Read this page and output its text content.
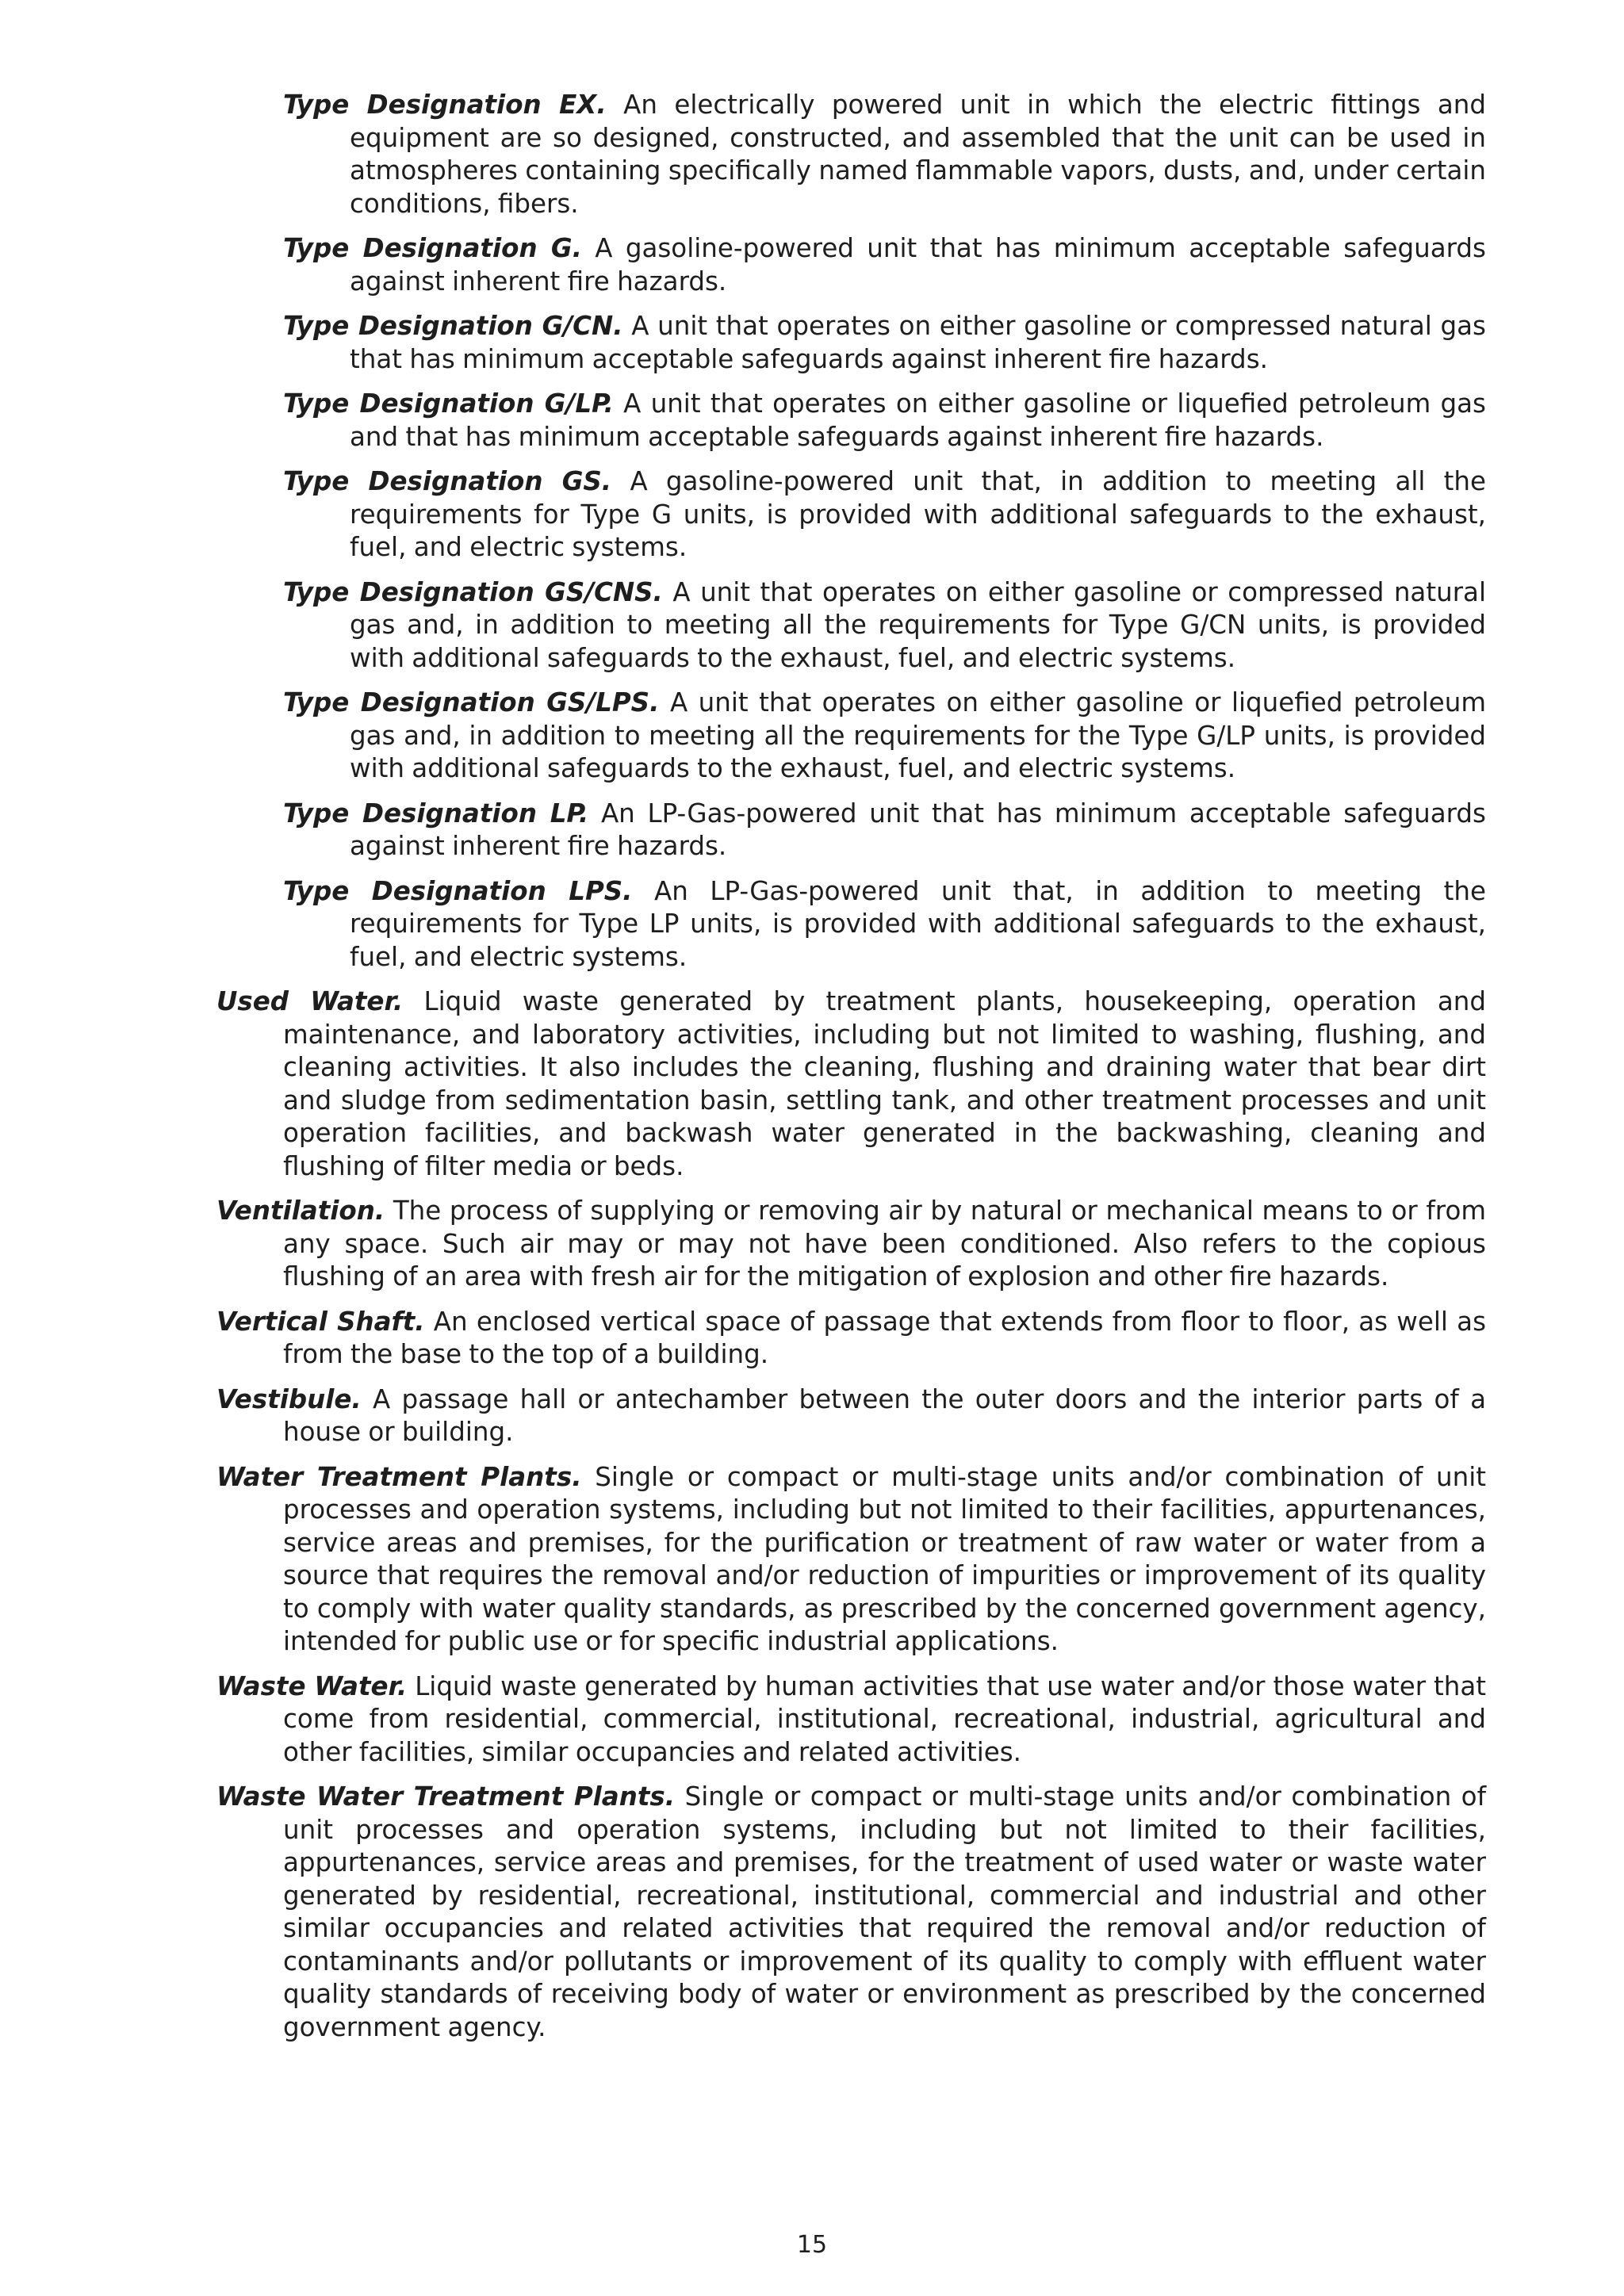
Type Designation EX. An electrically powered unit in which the electric fittings and equipment are so designed, constructed, and assembled that the unit can be used in atmospheres containing specifically named flammable vapors, dusts, and, under certain conditions, fibers.

Type Designation G. A gasoline-powered unit that has minimum acceptable safeguards against inherent fire hazards.

Type Designation G/CN. A unit that operates on either gasoline or compressed natural gas that has minimum acceptable safeguards against inherent fire hazards.

Type Designation G/LP. A unit that operates on either gasoline or liquefied petroleum gas and that has minimum acceptable safeguards against inherent fire hazards.

Type Designation GS. A gasoline-powered unit that, in addition to meeting all the requirements for Type G units, is provided with additional safeguards to the exhaust, fuel, and electric systems.

Type Designation GS/CNS. A unit that operates on either gasoline or compressed natural gas and, in addition to meeting all the requirements for Type G/CN units, is provided with additional safeguards to the exhaust, fuel, and electric systems.

Type Designation GS/LPS. A unit that operates on either gasoline or liquefied petroleum gas and, in addition to meeting all the requirements for the Type G/LP units, is provided with additional safeguards to the exhaust, fuel, and electric systems.

Type Designation LP. An LP-Gas-powered unit that has minimum acceptable safeguards against inherent fire hazards.

Type Designation LPS. An LP-Gas-powered unit that, in addition to meeting the requirements for Type LP units, is provided with additional safeguards to the exhaust, fuel, and electric systems.

Used Water. Liquid waste generated by treatment plants, housekeeping, operation and maintenance, and laboratory activities, including but not limited to washing, flushing, and cleaning activities. It also includes the cleaning, flushing and draining water that bear dirt and sludge from sedimentation basin, settling tank, and other treatment processes and unit operation facilities, and backwash water generated in the backwashing, cleaning and flushing of filter media or beds.

Ventilation. The process of supplying or removing air by natural or mechanical means to or from any space. Such air may or may not have been conditioned. Also refers to the copious flushing of an area with fresh air for the mitigation of explosion and other fire hazards.

Vertical Shaft. An enclosed vertical space of passage that extends from floor to floor, as well as from the base to the top of a building.

Vestibule. A passage hall or antechamber between the outer doors and the interior parts of a house or building.

Water Treatment Plants. Single or compact or multi-stage units and/or combination of unit processes and operation systems, including but not limited to their facilities, appurtenances, service areas and premises, for the purification or treatment of raw water or water from a source that requires the removal and/or reduction of impurities or improvement of its quality to comply with water quality standards, as prescribed by the concerned government agency, intended for public use or for specific industrial applications.

Waste Water. Liquid waste generated by human activities that use water and/or those water that come from residential, commercial, institutional, recreational, industrial, agricultural and other facilities, similar occupancies and related activities.

Waste Water Treatment Plants. Single or compact or multi-stage units and/or combination of unit processes and operation systems, including but not limited to their facilities, appurtenances, service areas and premises, for the treatment of used water or waste water generated by residential, recreational, institutional, commercial and industrial and other similar occupancies and related activities that required the removal and/or reduction of contaminants and/or pollutants or improvement of its quality to comply with effluent water quality standards of receiving body of water or environment as prescribed by the concerned government agency.

15
